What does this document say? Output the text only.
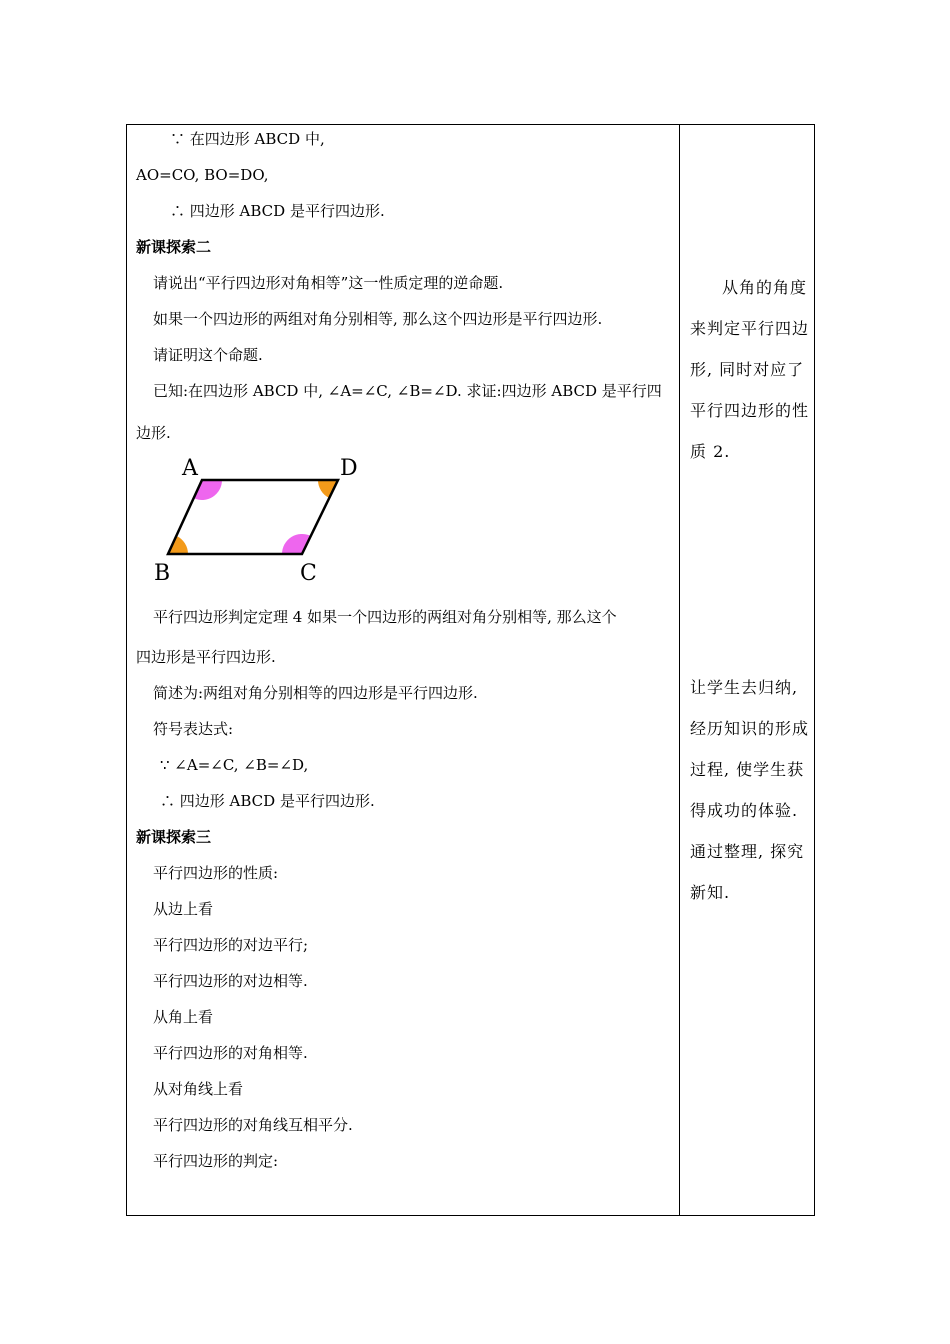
∵ 在四边形 ABCD 中,
AO=CO, BO=DO,
∴ 四边形 ABCD 是平行四边形.
新课探索二
请说出“平行四边形对角相等”这一性质定理的逆命题.
如果一个四边形的两组对角分别相等, 那么这个四边形是平行四边形.
请证明这个命题.
已知:在四边形 ABCD 中, ∠A=∠C, ∠B=∠D. 求证:四边形 ABCD 是平行四
边形.
A	D
B	C
平行四边形判定定理 4 如果一个四边形的两组对角分别相等, 那么这个
四边形是平行四边形.
简述为:两组对角分别相等的四边形是平行四边形.
符号表达式:
∵ ∠A=∠C, ∠B=∠D,
∴ 四边形 ABCD 是平行四边形.
新课探索三
平行四边形的性质:
从边上看
平行四边形的对边平行;
平行四边形的对边相等.
从角上看
平行四边形的对角相等.
从对角线上看
平行四边形的对角线互相平分.
平行四边形的判定:
从角的角度
来判定平行四边
形, 同时对应了
平行四边形的性
质 2.
让学生去归纳,
经历知识的形成
过程, 使学生获
得成功的体验.
通过整理, 探究
新知.
